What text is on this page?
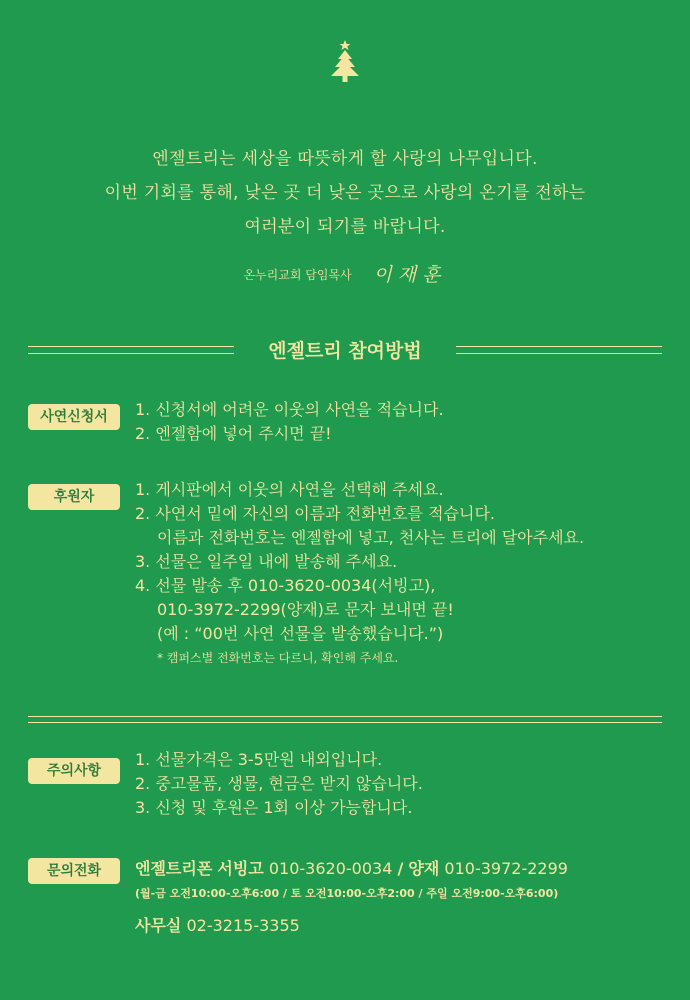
엔젤트리는 세상을 따뜻하게 할 사랑의 나무입니다.
이번 기회를 통해, 낮은 곳 더 낮은 곳으로 사랑의 온기를 전하는
여러분이 되기를 바랍니다.
온누리교회 담임목사 이재훈
엔젤트리 참여방법
사연신청서	1. 신청서에 어려운 이웃의 사연을 적습니다.
2. 엔젤함에 넣어 주시면 끝!
후원자	1. 게시판에서 이웃의 사연을 선택해 주세요.
2. 사연서 밑에 자신의 이름과 전화번호를 적습니다.
이름과 전화번호는 엔젤함에 넣고, 천사는 트리에 달아주세요.
3. 선물은 일주일 내에 발송해 주세요.
4. 선물 발송 후 010-3620-0034(서빙고),
010-3972-2299(양재)로 문자 보내면 끝!
(예 : “00번 사연 선물을 발송했습니다.”)
* 캠퍼스별 전화번호는 다르니, 확인해 주세요.
주의사항
1. 선물가격은 3-5만원 내외입니다.
2. 중고물품, 생물, 현금은 받지 않습니다.
3. 신청 및 후원은 1회 이상 가능합니다.
문의전화	엔젤트리폰 서빙고 010-3620-0034 / 양재 010-3972-2299
(월-금 오전10:00-오후6:00 / 토 오전10:00-오후2:00 / 주일 오전9:00-오후6:00)
사무실 02-3215-3355
